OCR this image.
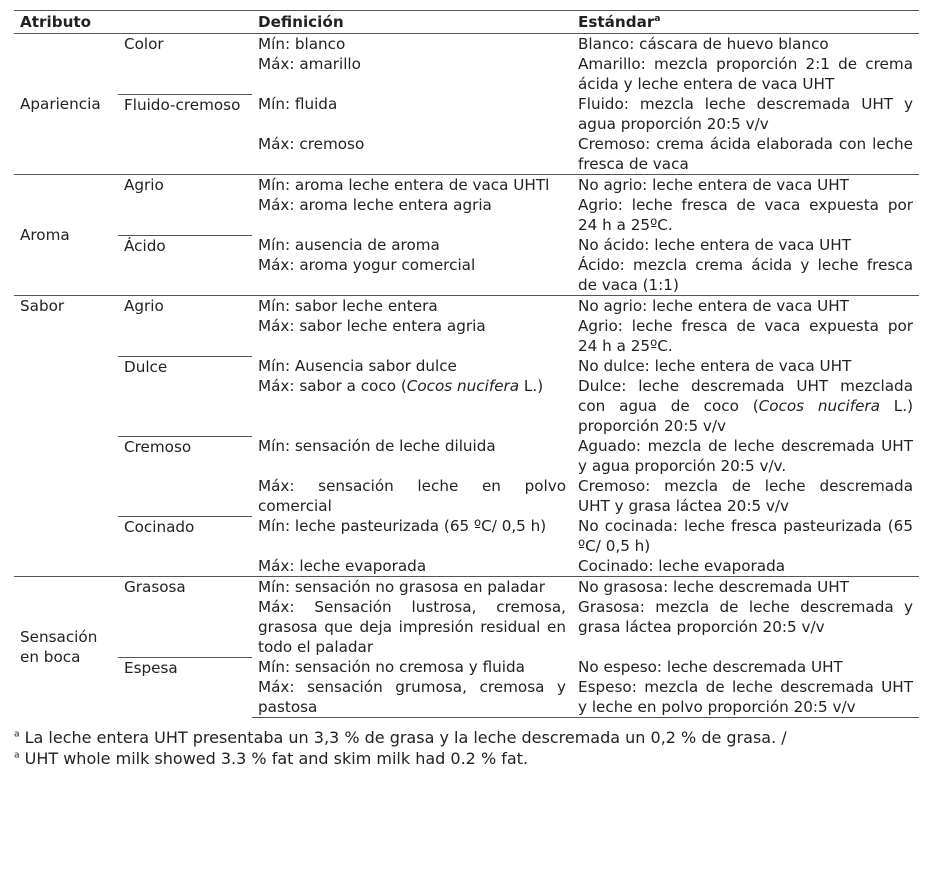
Atributo		Definición	Estándar$^a$
Apariencia	Color	Mín: blanco	Blanco: cáscara de huevo blanco
		Máx: amarillo	Amarillo: mezcla proporción 2:1 de crema ácida y leche entera de vaca UHT
	Fluido-cremoso	Mín: fluida	Fluido: mezcla leche descremada UHT y agua proporción 20:5 v/v
		Máx: cremoso	Cremoso: crema ácida elaborada con leche fresca de vaca
Aroma	Agrio	Mín: aroma leche entera de vaca UHTl	No agrio: leche entera de vaca UHT
		Máx: aroma leche entera agria	Agrio: leche fresca de vaca expuesta por 24 h a 25ºC.
	Ácido	Mín: ausencia de aroma	No ácido: leche entera de vaca UHT
		Máx: aroma yogur comercial	Ácido: mezcla crema ácida y leche fresca de vaca (1:1)
Sabor	Agrio	Mín: sabor leche entera	No agrio: leche entera de vaca UHT
		Máx: sabor leche entera agria	Agrio: leche fresca de vaca expuesta por 24 h a 25ºC.
	Dulce	Mín: Ausencia sabor dulce	No dulce: leche entera de vaca UHT
		Máx: sabor a coco (Cocos nucifera L.)	Dulce: leche descremada UHT mezclada con agua de coco (Cocos nucifera L.) proporción 20:5 v/v
	Cremoso	Mín: sensación de leche diluida	Aguado: mezcla de leche descremada UHT y agua proporción 20:5 v/v.
		Máx: sensación leche en polvo comercial	Cremoso: mezcla de leche descremada UHT y grasa láctea 20:5 v/v
	Cocinado	Mín: leche pasteurizada (65 ºC/ 0,5 h)	No cocinada: leche fresca pasteurizada (65 ºC/ 0,5 h)
		Máx: leche evaporada	Cocinado: leche evaporada
Sensación
en boca	Grasosa	Mín: sensación no grasosa en paladar	No grasosa: leche descremada UHT
		Máx: Sensación lustrosa, cremosa, grasosa que deja impresión residual en todo el paladar	Grasosa: mezcla de leche descremada y grasa láctea proporción 20:5 v/v
	Espesa	Mín: sensación no cremosa y fluida	No espeso: leche descremada UHT
		Máx: sensación grumosa, cremosa y pastosa	Espeso: mezcla de leche descremada UHT y leche en polvo proporción 20:5 v/v
$^a$ La leche entera UHT presentaba un 3,3 % de grasa y la leche descremada un 0,2 % de grasa. /
$^a$ UHT whole milk showed 3.3 % fat and skim milk had 0.2 % fat.
